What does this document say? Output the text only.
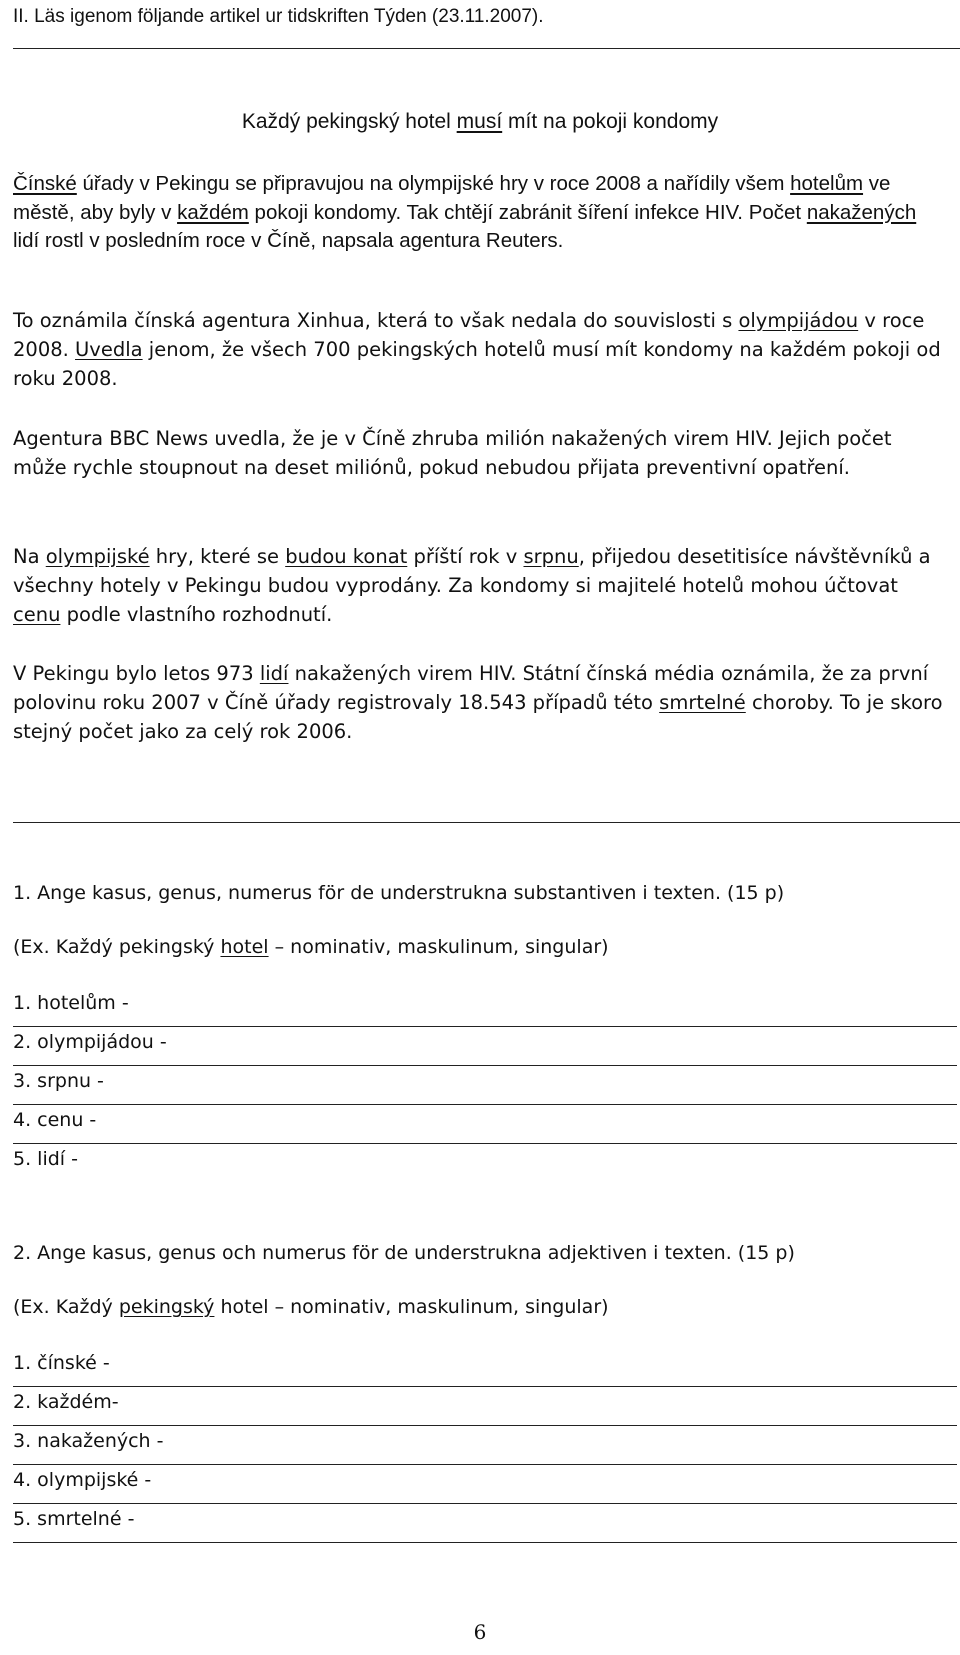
II. Läs igenom följande artikel ur tidskriften Týden (23.11.2007).

Každý pekingský hotel musí mít na pokoji kondomy

Čínské úřady v Pekingu se připravujou na olympijské hry v roce 2008 a nařídily všem hotelům ve městě, aby byly v každém pokoji kondomy. Tak chtějí zabránit šíření infekce HIV. Počet nakažených lidí rostl v posledním roce v Číně, napsala agentura Reuters.

To oznámila čínská agentura Xinhua, která to však nedala do souvislosti s olympijádou v roce 2008. Uvedla jenom, že všech 700 pekingských hotelů musí mít kondomy na každém pokoji od roku 2008.

Agentura BBC News uvedla, že je v Číně zhruba milión nakažených virem HIV. Jejich počet může rychle stoupnout na deset miliónů, pokud nebudou přijata preventivní opatření.

Na olympijské hry, které se budou konat příští rok v srpnu, přijedou desetitisíce návštěvníků a všechny hotely v Pekingu budou vyprodány. Za kondomy si majitelé hotelů mohou účtovat cenu podle vlastního rozhodnutí.

V Pekingu bylo letos 973 lidí nakažených virem HIV. Státní čínská média oznámila, že za první polovinu roku 2007 v Číně úřady registrovaly 18.543 případů této smrtelné choroby. To je skoro stejný počet jako za celý rok 2006.

1. Ange kasus, genus, numerus för de understrukna substantiven i texten. (15 p)

(Ex. Každý pekingský hotel – nominativ, maskulinum, singular)

1. hotelům -
2. olympijádou -
3. srpnu -
4. cenu -
5. lidí -

2. Ange kasus, genus och numerus för de understrukna adjektiven i texten. (15 p)

(Ex. Každý pekingský hotel – nominativ, maskulinum, singular)

1. čínské -
2. každém-
3. nakažených -
4. olympijské -
5. smrtelné -

6
